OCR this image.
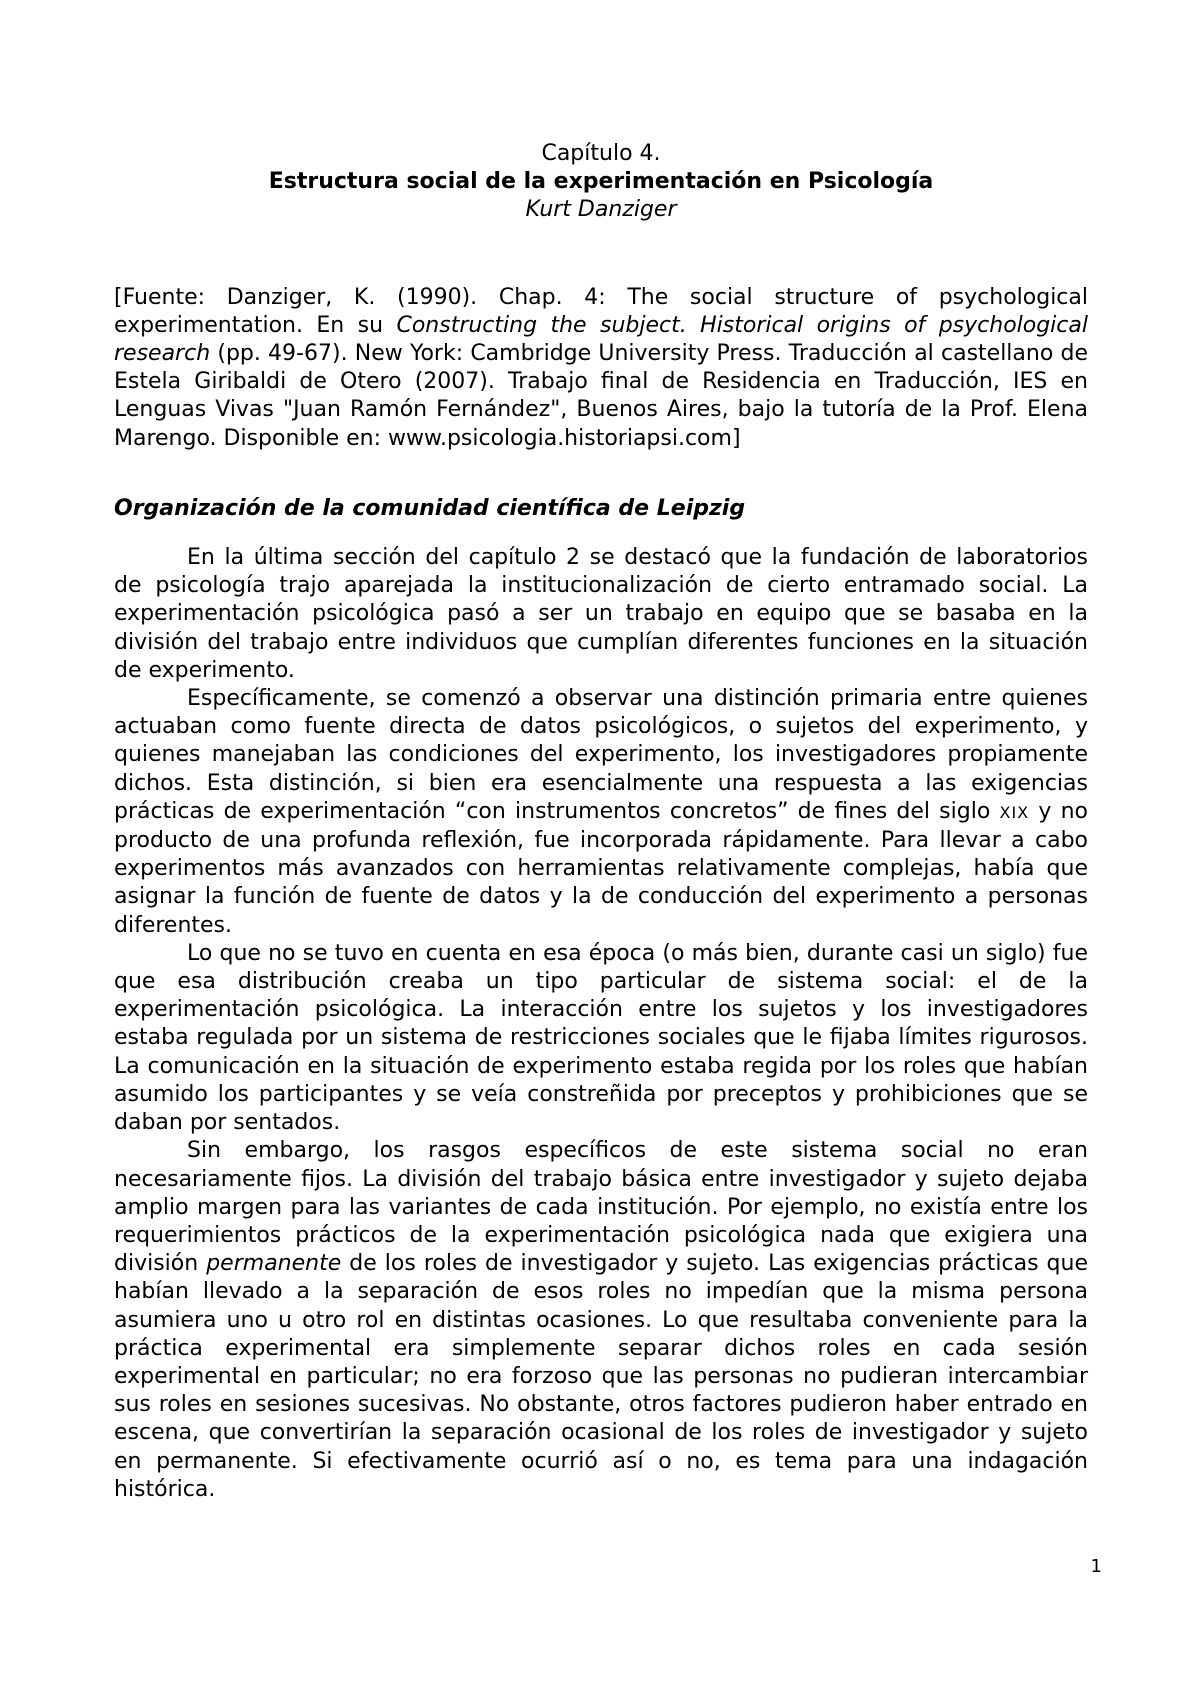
Capítulo 4.
Estructura social de la experimentación en Psicología
Kurt Danziger
[Fuente: Danziger, K. (1990). Chap. 4: The social structure of psychological experimentation. En su Constructing the subject. Historical origins of psychological research (pp. 49-67). New York: Cambridge University Press. Traducción al castellano de Estela Giribaldi de Otero (2007). Trabajo final de Residencia en Traducción, IES en Lenguas Vivas "Juan Ramón Fernández", Buenos Aires, bajo la tutoría de la Prof. Elena Marengo. Disponible en: www.psicologia.historiapsi.com]
Organización de la comunidad científica de Leipzig

En la última sección del capítulo 2 se destacó que la fundación de laboratorios de psicología trajo aparejada la institucionalización de cierto entramado social. La experimentación psicológica pasó a ser un trabajo en equipo que se basaba en la división del trabajo entre individuos que cumplían diferentes funciones en la situación de experimento.

Específicamente, se comenzó a observar una distinción primaria entre quienes actuaban como fuente directa de datos psicológicos, o sujetos del experimento, y quienes manejaban las condiciones del experimento, los investigadores propiamente dichos. Esta distinción, si bien era esencialmente una respuesta a las exigencias prácticas de experimentación “con instrumentos concretos” de fines del siglo XIX y no producto de una profunda reflexión, fue incorporada rápidamente. Para llevar a cabo experimentos más avanzados con herramientas relativamente complejas, había que asignar la función de fuente de datos y la de conducción del experimento a personas diferentes.

Lo que no se tuvo en cuenta en esa época (o más bien, durante casi un siglo) fue que esa distribución creaba un tipo particular de sistema social: el de la experimentación psicológica. La interacción entre los sujetos y los investigadores estaba regulada por un sistema de restricciones sociales que le fijaba límites rigurosos. La comunicación en la situación de experimento estaba regida por los roles que habían asumido los participantes y se veía constreñida por preceptos y prohibiciones que se daban por sentados.

Sin embargo, los rasgos específicos de este sistema social no eran necesariamente fijos. La división del trabajo básica entre investigador y sujeto dejaba amplio margen para las variantes de cada institución. Por ejemplo, no existía entre los requerimientos prácticos de la experimentación psicológica nada que exigiera una división permanente de los roles de investigador y sujeto. Las exigencias prácticas que habían llevado a la separación de esos roles no impedían que la misma persona asumiera uno u otro rol en distintas ocasiones. Lo que resultaba conveniente para la práctica experimental era simplemente separar dichos roles en cada sesión experimental en particular; no era forzoso que las personas no pudieran intercambiar sus roles en sesiones sucesivas. No obstante, otros factores pudieron haber entrado en escena, que convertirían la separación ocasional de los roles de investigador y sujeto en permanente. Si efectivamente ocurrió así o no, es tema para una indagación histórica.

1
